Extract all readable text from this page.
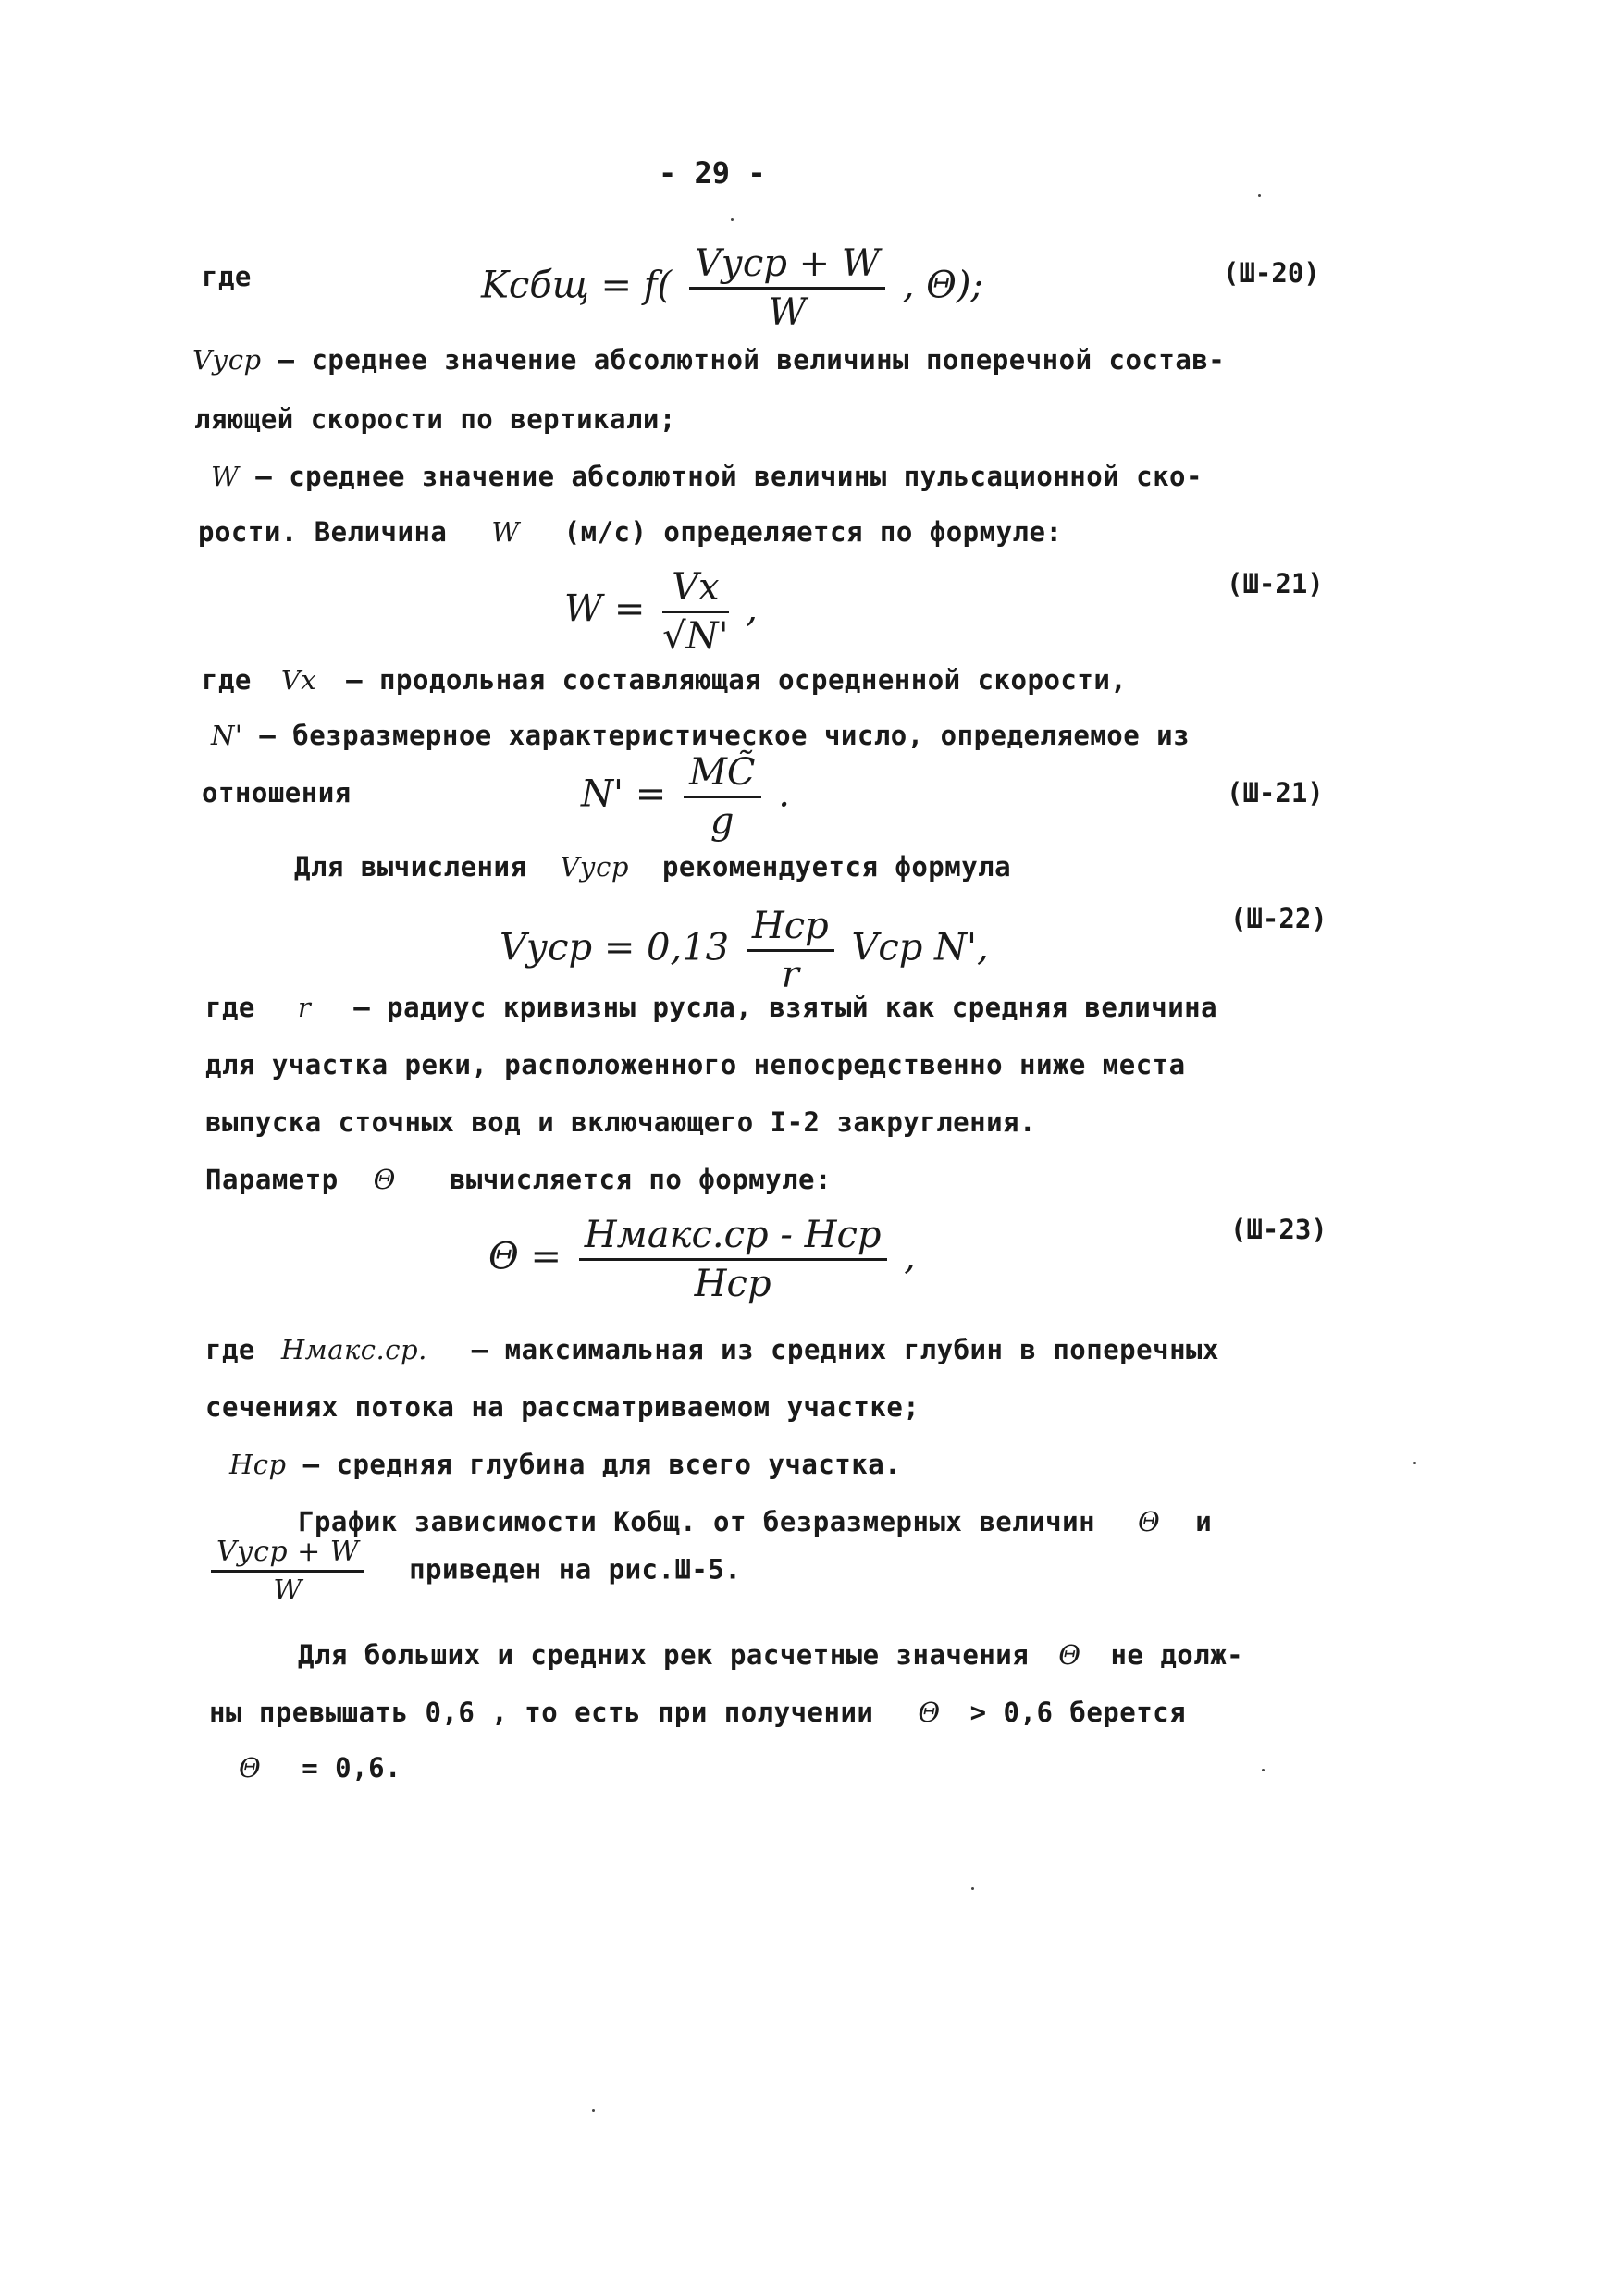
- 29 -
где	Kсбщ = $f( \frac{\text{Vуср + W}}{W}$ , Θ);	(Ш-20)
Vуср – среднее значение абсолютной величины поперечной состав-
ляющей скорости по вертикали;
W – среднее значение абсолютной величины пульсационной ско-
рости. Величина W (м/с) определяется по формуле:
$W = \frac{Vх}{√N'}$ ,
(Ш-21)
где Vх – продольная составляющая осредненной скорости,
N' – безразмерное характеристическое число, определяемое из
отношения	$N' = \frac{MC̃}{g}$ .	(Ш-21)
Для вычисления Vуср рекомендуется формула
Vуср = $0,13 \frac{\text{Hср}}{r}$ Vср N',
(Ш-22)
где r – радиус кривизны русла, взятый как средняя величина
для участка реки, расположенного непосредственно ниже места
выпуска сточных вод и включающего I-2 закругления.
Параметр Θ вычисляется по формуле:
$\Theta = \frac{\text{Hмакс.ср - Hср}}{\text{Hср}}$ ,
(Ш-23)
где Hмакс.ср. – максимальная из средних глубин в поперечных
сечениях потока на рассматриваемом участке;
Hср – средняя глубина для всего участка.
График зависимости Kобщ. от безразмерных величин Θ и
$\frac{\text{Vуср + W}}{W}$ приведен на рис.Ш-5.
Для больших и средних рек расчетные значения Θ не долж-
ны превышать 0,6 , то есть при получении Θ > 0,6 берется
Θ = 0,6.
